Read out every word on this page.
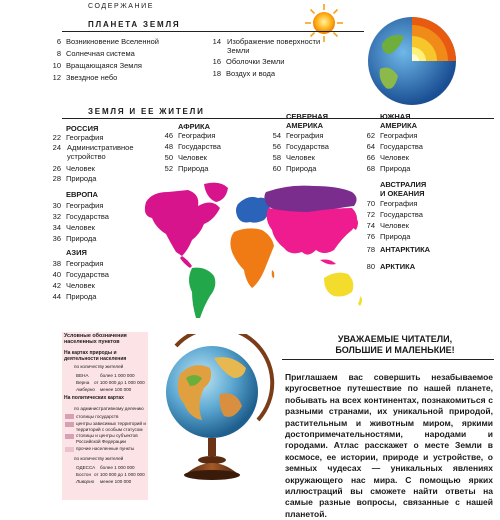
СОДЕРЖАНИЕ
ПЛАНЕТА ЗЕМЛЯ
6 Возникновение Вселенной
8 Солнечная система
10 Вращающаяся Земля
12 Звездное небо
14 Изображение поверхности Земли
16 Оболочки Земли
18 Воздух и вода
ЗЕМЛЯ И ЕЕ ЖИТЕЛИ
РОССИЯ
22 География
24 Административное устройство
26 Человек
28 Природа
ЕВРОПА
30 География
32 Государства
34 Человек
36 Природа
АЗИЯ
38 География
40 Государства
42 Человек
44 Природа
АФРИКА
46 География
48 Государства
50 Человек
52 Природа
СЕВЕРНАЯ
АМЕРИКА
54 География
56 Государства
58 Человек
60 Природа
ЮЖНАЯ
АМЕРИКА
62 География
64 Государства
66 Человек
68 Природа
АВСТРАЛИЯ
И ОКЕАНИЯ
70 География
72 Государства
74 Человек
76 Природа
78 АНТАРКТИКА
80 АРКТИКА
Условные обозначения населенных пунктов
На картах природы и деятельности населения
по количеству жителей
ВЕНА более 1 000 000
Верна от 100 000 до 1 000 000
Амберно менее 100 000
На политических картах
по административному делению
столицы государств
центры зависимых территорий и территорий с особым статусом
столицы и центры субъектов Российской Федерации
прочие населенные пункты
по количеству жителей
ОДЕССА более 1 000 000
Бостон от 100 000 до 1 000 000
Ливорно менее 100 000
УВАЖАЕМЫЕ ЧИТАТЕЛИ,
БОЛЬШИЕ И МАЛЕНЬКИЕ!
Приглашаем вас совершить незабываемое кругосветное путешествие по нашей планете, побывать на всех континентах, познакомиться с разными странами, их уникальной природой, растительным и животным миром, яркими достопримечательностями, народами и городами. Атлас расскажет о месте Земли в космосе, ее истории, природе и устройстве, о земных чудесах — уникальных явлениях окружающего нас мира. С помощью ярких иллюстраций вы сможете найти ответы на самые разные вопросы, связанные с нашей планетой.
